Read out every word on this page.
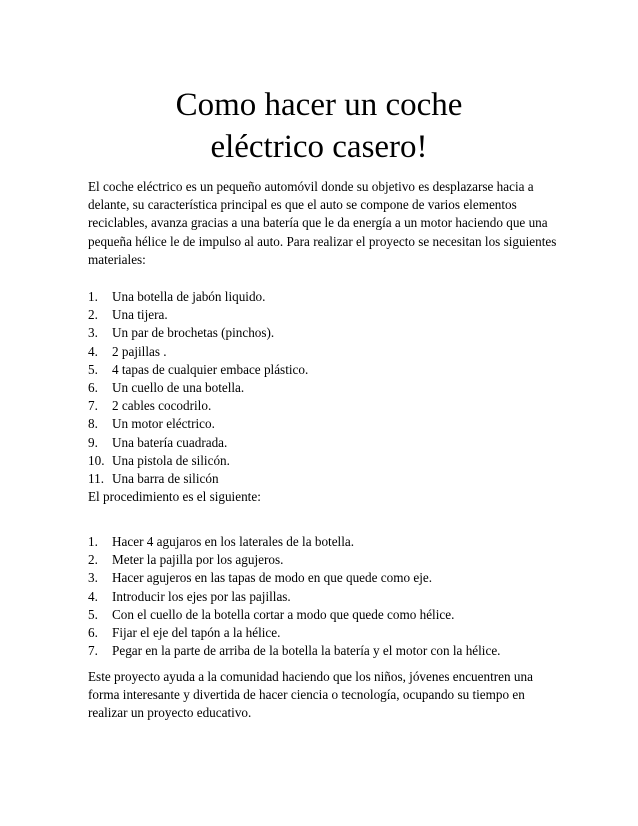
Como hacer un coche
eléctrico casero!

El coche eléctrico es un pequeño automóvil donde su objetivo es desplazarse hacia a delante, su característica principal es que el auto se compone de varios elementos reciclables, avanza gracias a una batería que le da energía a un motor haciendo que una pequeña hélice le de impulso al auto. Para realizar el proyecto se necesitan los siguientes materiales:

1.	Una botella de jabón liquido.
2.	Una tijera.
3.	Un par de brochetas (pinchos).
4.	2 pajillas .
5.	4 tapas de cualquier embace plástico.
6.	Un cuello de una botella.
7.	2 cables cocodrilo.
8.	Un motor eléctrico.
9.	Una batería cuadrada.
10. Una pistola de silicón.
11. Una barra de silicón

El procedimiento es el siguiente:

1.	Hacer 4 agujaros en los laterales de la botella.
2.	Meter la pajilla por los agujeros.
3.	Hacer agujeros en las tapas de modo en que quede como eje.
4.	Introducir los ejes por las pajillas.
5.	Con el cuello de la botella cortar a modo que quede como hélice.
6.	Fijar el eje del tapón a la hélice.
7.	Pegar en la parte de arriba de la botella la batería y el motor con la hélice.

Este proyecto ayuda a la comunidad haciendo que los niños, jóvenes encuentren una forma interesante y divertida de hacer ciencia o tecnología, ocupando su tiempo en realizar un proyecto educativo.
